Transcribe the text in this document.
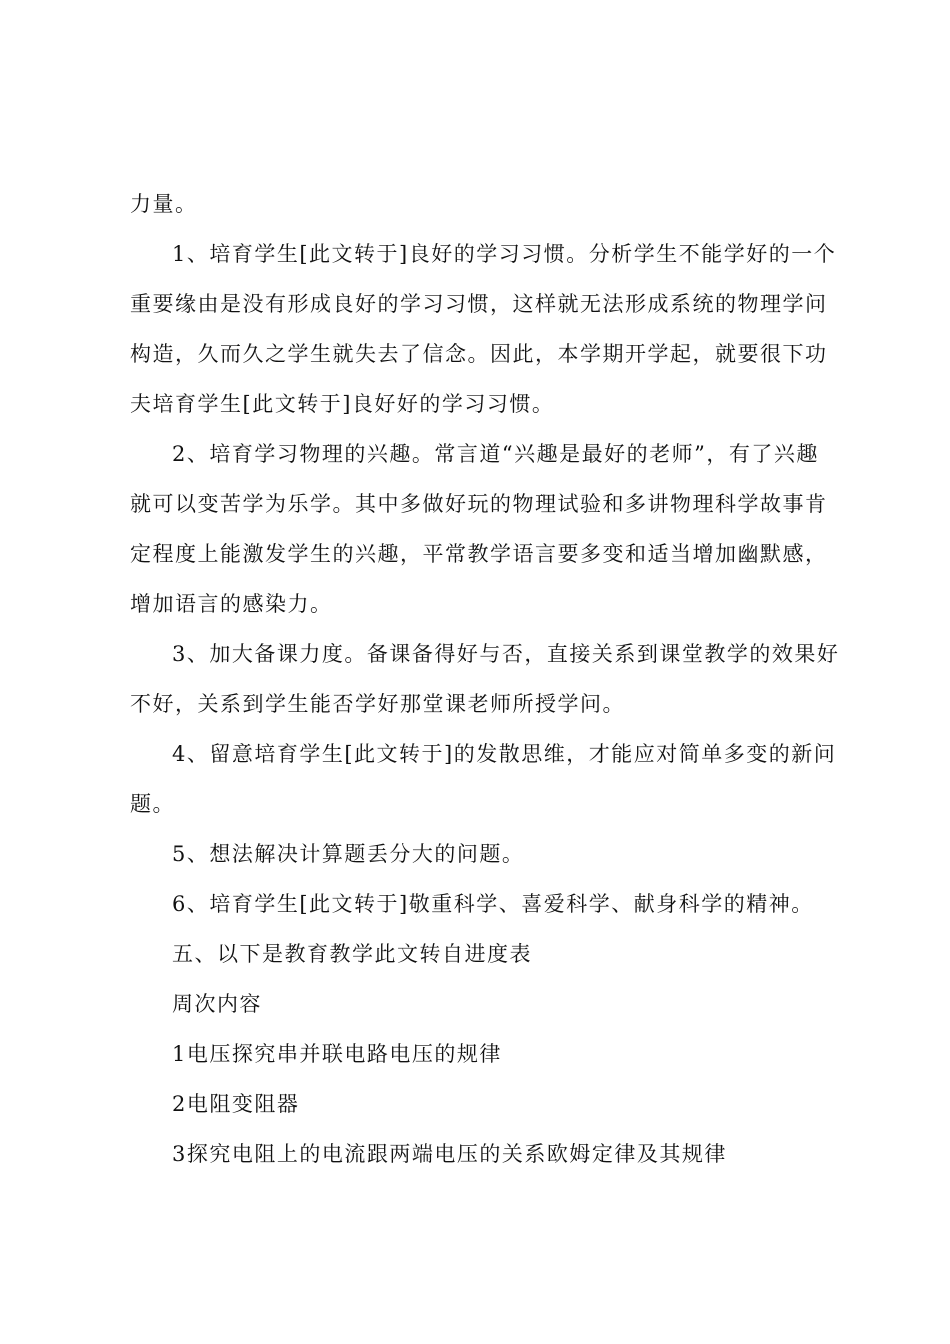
力量。
1、培育学生[此文转于]良好的学习习惯。分析学生不能学好的一个
重要缘由是没有形成良好的学习习惯，这样就无法形成系统的物理学问
构造，久而久之学生就失去了信念。因此，本学期开学起，就要很下功
夫培育学生[此文转于]良好好的学习习惯。
2、培育学习物理的兴趣。常言道“兴趣是最好的老师”，有了兴趣
就可以变苦学为乐学。其中多做好玩的物理试验和多讲物理科学故事肯
定程度上能激发学生的兴趣，平常教学语言要多变和适当增加幽默感，
增加语言的感染力。
3、加大备课力度。备课备得好与否，直接关系到课堂教学的效果好
不好，关系到学生能否学好那堂课老师所授学问。
4、留意培育学生[此文转于]的发散思维，才能应对简单多变的新问
题。
5、想法解决计算题丢分大的问题。
6、培育学生[此文转于]敬重科学、喜爱科学、献身科学的精神。
五、以下是教育教学此文转自进度表
周次内容
1电压探究串并联电路电压的规律
2电阻变阻器
3探究电阻上的电流跟两端电压的关系欧姆定律及其规律
